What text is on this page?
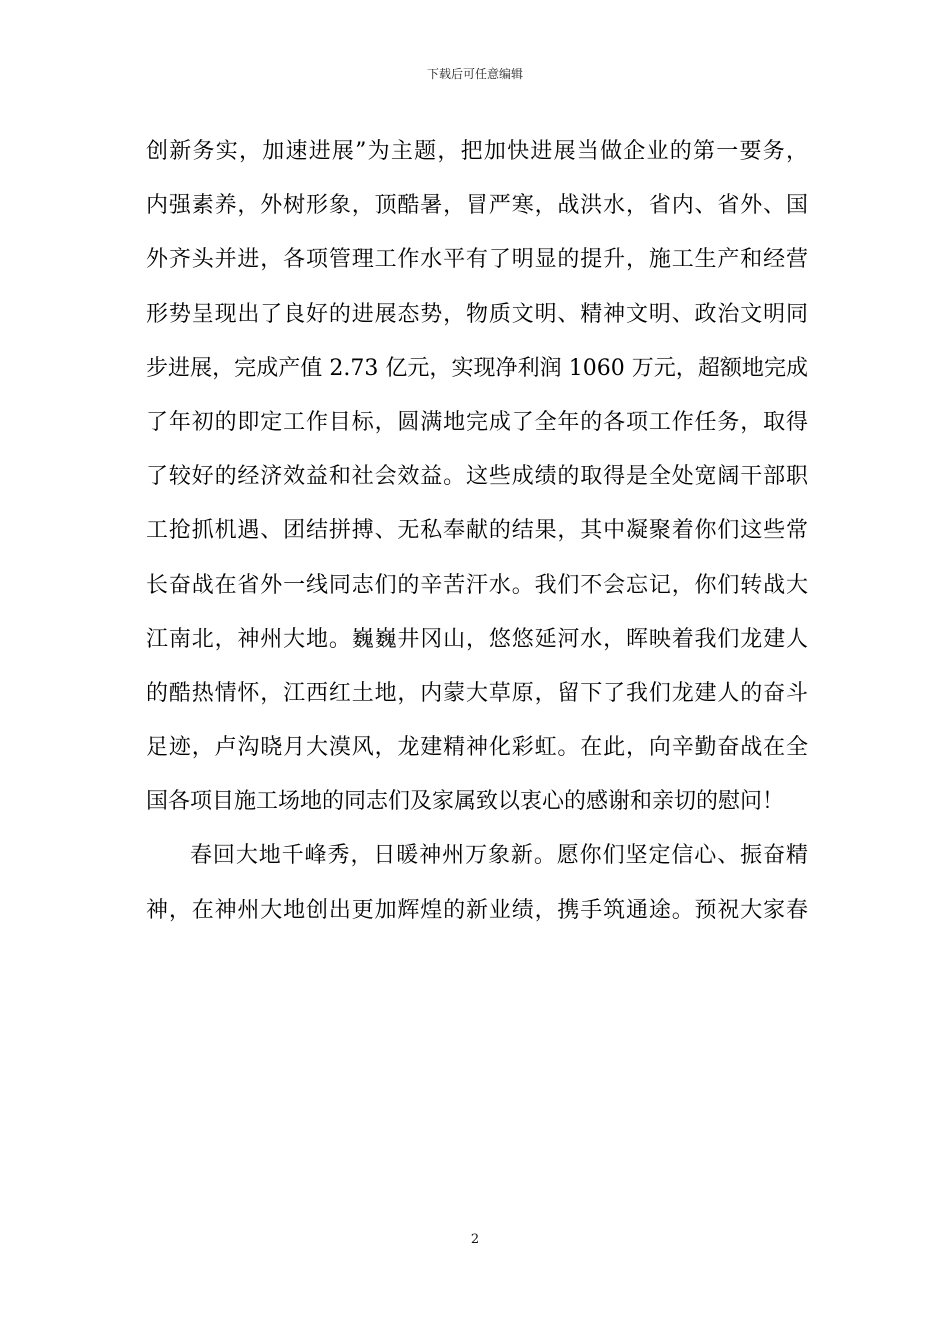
下载后可任意编辑
创新务实，加速进展”为主题，把加快进展当做企业的第一要务，
内强素养，外树形象，顶酷暑，冒严寒，战洪水，省内、省外、国
外齐头并进，各项管理工作水平有了明显的提升，施工生产和经营
形势呈现出了良好的进展态势，物质文明、精神文明、政治文明同
步进展，完成产值 2.73 亿元，实现净利润 1060 万元，超额地完成
了年初的即定工作目标，圆满地完成了全年的各项工作任务，取得
了较好的经济效益和社会效益。这些成绩的取得是全处宽阔干部职
工抢抓机遇、团结拼搏、无私奉献的结果，其中凝聚着你们这些常
长奋战在省外一线同志们的辛苦汗水。我们不会忘记，你们转战大
江南北，神州大地。巍巍井冈山，悠悠延河水，晖映着我们龙建人
的酷热情怀，江西红土地，内蒙大草原，留下了我们龙建人的奋斗
足迹，卢沟晓月大漠风，龙建精神化彩虹。在此，向辛勤奋战在全
国各项目施工场地的同志们及家属致以衷心的感谢和亲切的慰问！
春回大地千峰秀，日暖神州万象新。愿你们坚定信心、振奋精
神，在神州大地创出更加辉煌的新业绩，携手筑通途。预祝大家春
2
